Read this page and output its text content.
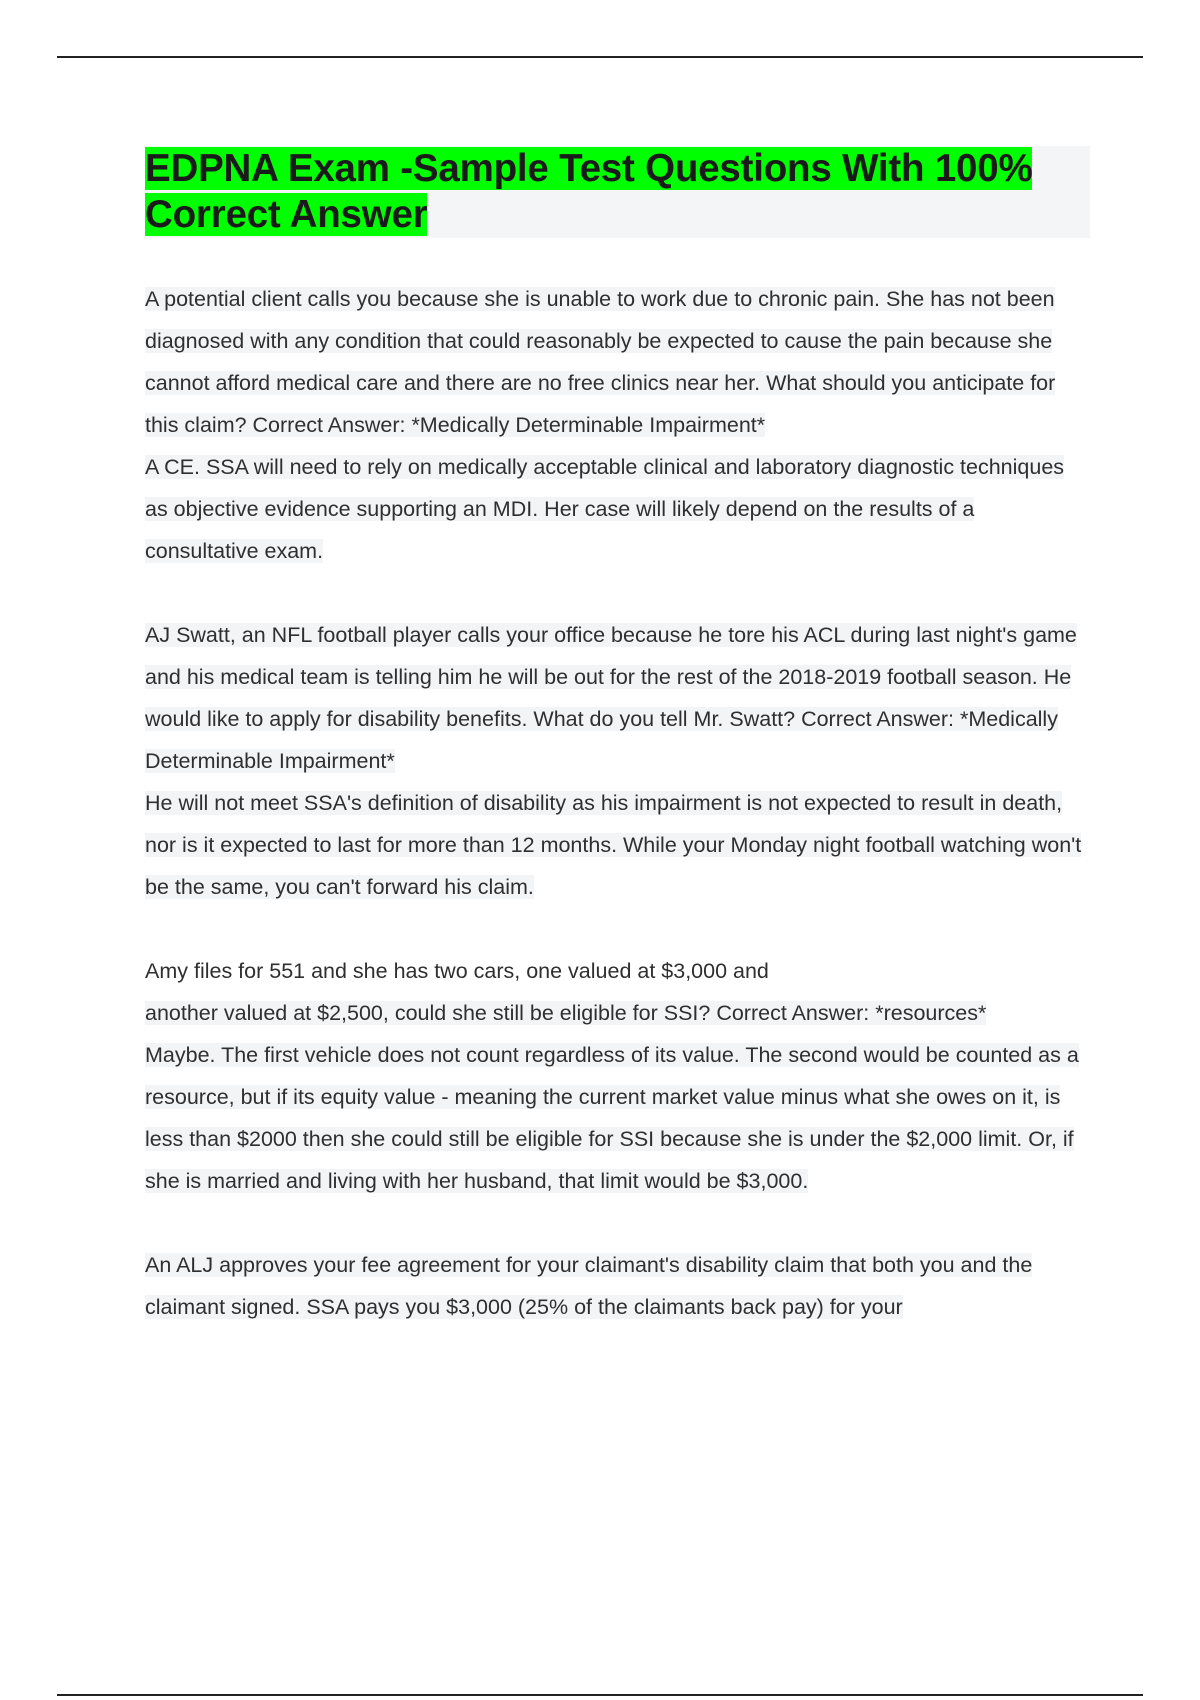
EDPNA Exam -Sample Test Questions With 100%
Correct Answer

A potential client calls you because she is unable to work due to chronic pain. She has not been diagnosed with any condition that could reasonably be expected to cause the pain because she cannot afford medical care and there are no free clinics near her. What should you anticipate for this claim? Correct Answer: *Medically Determinable Impairment*

A CE. SSA will need to rely on medically acceptable clinical and laboratory diagnostic techniques as objective evidence supporting an MDI. Her case will likely depend on the results of a consultative exam.

AJ Swatt, an NFL football player calls your office because he tore his ACL during last night's game and his medical team is telling him he will be out for the rest of the 2018-2019 football season. He would like to apply for disability benefits. What do you tell Mr. Swatt? Correct Answer: *Medically Determinable Impairment*

He will not meet SSA's definition of disability as his impairment is not expected to result in death, nor is it expected to last for more than 12 months. While your Monday night football watching won't be the same, you can't forward his claim.

Amy files for 551 and she has two cars, one valued at $3,000 and
another valued at $2,500, could she still be eligible for SSI? Correct Answer: *resources*

Maybe. The first vehicle does not count regardless of its value. The second would be counted as a resource, but if its equity value - meaning the current market value minus what she owes on it, is less than $2000 then she could still be eligible for SSI because she is under the $2,000 limit. Or, if she is married and living with her husband, that limit would be $3,000.

An ALJ approves your fee agreement for your claimant's disability claim that both you and the claimant signed. SSA pays you $3,000 (25% of the claimants back pay) for your
